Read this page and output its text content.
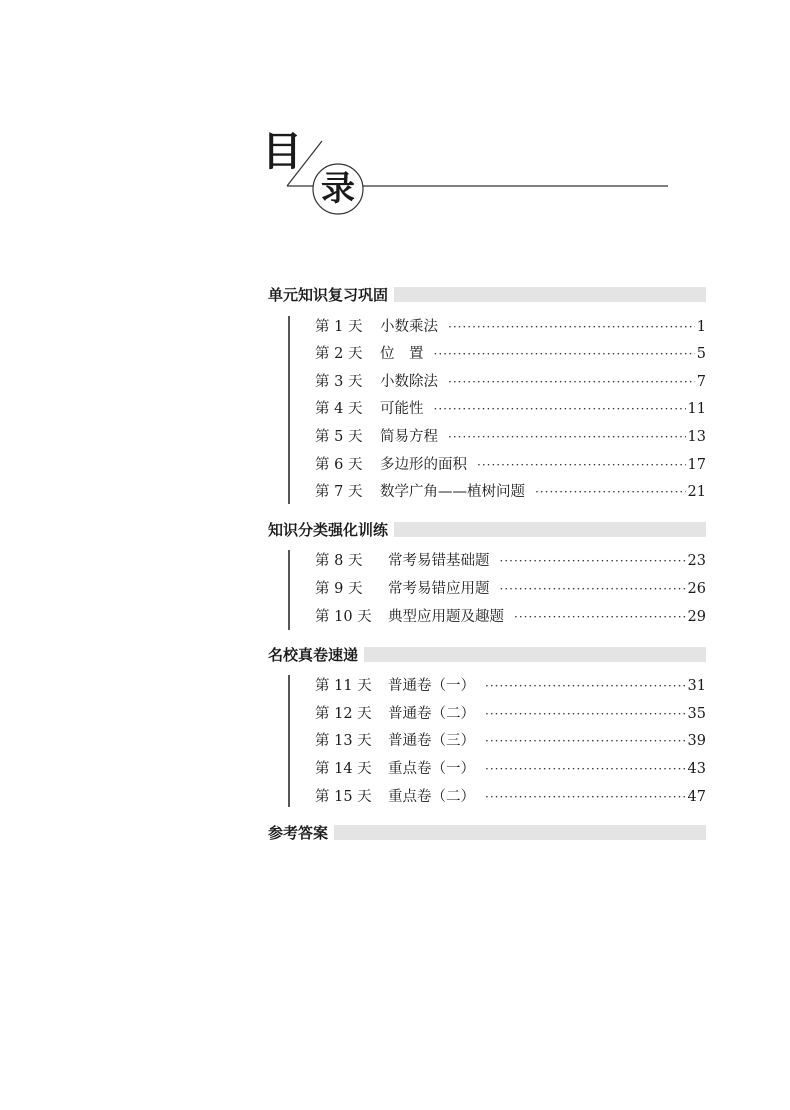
目
录
单元知识复习巩固
第 1 天	小数乘法 ·····	1
第 2 天	位　置 ·····	5
第 3 天	小数除法 ·····	7
第 4 天	可能性 ·····	11
第 5 天	简易方程 ·····	13
第 6 天	多边形的面积 ·····	17
第 7 天	数学广角——植树问题 ·····	21
知识分类强化训练
第 8 天	常考易错基础题 ·····	23
第 9 天	常考易错应用题 ·····	26
第 10 天	典型应用题及趣题 ·····	29
名校真卷速递
第 11 天	普通卷（一） ·····	31
第 12 天	普通卷（二） ·····	35
第 13 天	普通卷（三） ·····	39
第 14 天	重点卷（一） ·····	43
第 15 天	重点卷（二） ·····	47
参考答案
